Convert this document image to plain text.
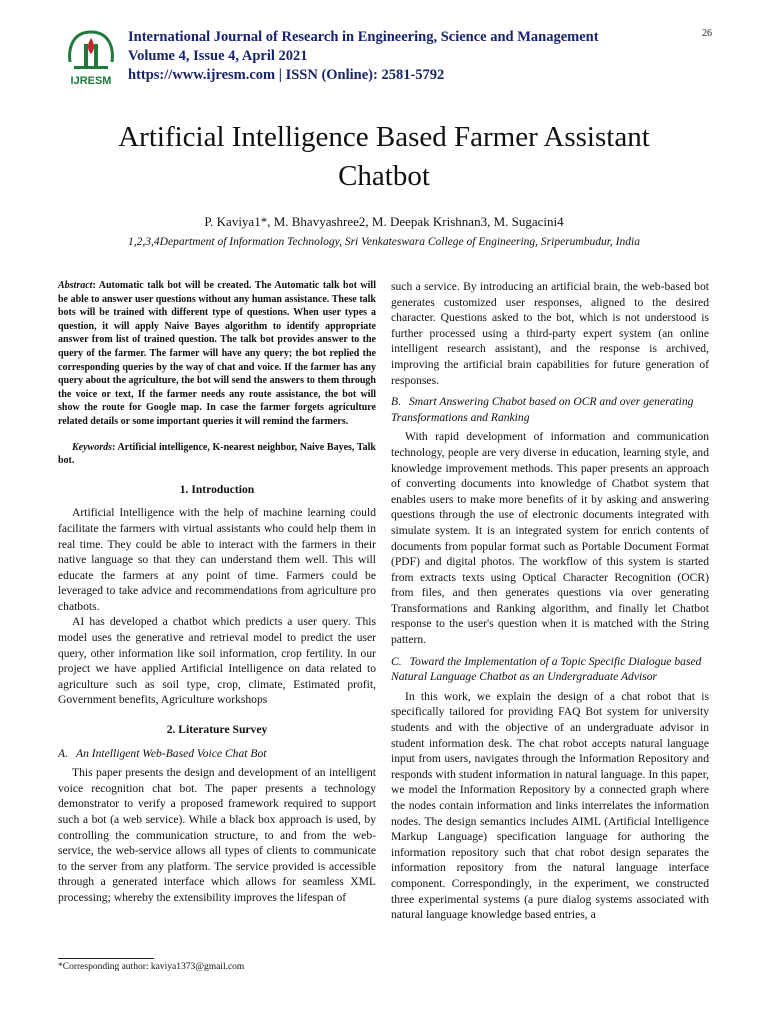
IJRESM
International Journal of Research in Engineering, Science and Management
Volume 4, Issue 4, April 2021
https://www.ijresm.com | ISSN (Online): 2581-5792
26
Artificial Intelligence Based Farmer Assistant
Chatbot
P. Kaviya1*, M. Bhavyashree2, M. Deepak Krishnan3, M. Sugacini4
1,2,3,4Department of Information Technology, Sri Venkateswara College of Engineering, Sriperumbudur, India
Abstract: Automatic talk bot will be created. The Automatic talk bot will be able to answer user questions without any human assistance. These talk bots will be trained with different type of questions. When user types a question, it will apply Naive Bayes algorithm to identify appropriate answer from list of trained question. The talk bot provides answer to the query of the farmer. The farmer will have any query; the bot replied the corresponding queries by the way of chat and voice. If the farmer has any query about the agriculture, the bot will send the answers to them through the voice or text, If the farmer needs any route assistance, the bot will show the route for Google map. In case the farmer forgets agriculture related details or some important queries it will remind the farmers.
Keywords: Artificial intelligence, K-nearest neighbor, Naive Bayes, Talk bot.
1. Introduction

Artificial Intelligence with the help of machine learning could facilitate the farmers with virtual assistants who could help them in real time. They could be able to interact with the farmers in their native language so that they can understand them well. This will educate the farmers at any point of time. Farmers could be leveraged to take advice and recommendations from agriculture pro chatbots.

AI has developed a chatbot which predicts a user query. This model uses the generative and retrieval model to predict the user query, other information like soil information, crop fertility. In our project we have applied Artificial Intelligence on data related to agriculture such as soil type, crop, climate, Estimated profit, Government benefits, Agriculture workshops

2. Literature Survey
A. An Intelligent Web-Based Voice Chat Bot

This paper presents the design and development of an intelligent voice recognition chat bot. The paper presents a technology demonstrator to verify a proposed framework required to support such a bot (a web service). While a black box approach is used, by controlling the communication structure, to and from the web-service, the web-service allows all types of clients to communicate to the server from any platform. The service provided is accessible through a generated interface which allows for seamless XML processing; whereby the extensibility improves the lifespan of

such a service. By introducing an artificial brain, the web-based bot generates customized user responses, aligned to the desired character. Questions asked to the bot, which is not understood is further processed using a third-party expert system (an online intelligent research assistant), and the response is archived, improving the artificial brain capabilities for future generation of responses.

B. Smart Answering Chabot based on OCR and over generating Transformations and Ranking

With rapid development of information and communication technology, people are very diverse in education, learning style, and knowledge improvement methods. This paper presents an approach of converting documents into knowledge of Chatbot system that enables users to make more benefits of it by asking and answering questions through the use of electronic documents integrated with simulate system. It is an integrated system for enrich contents of documents from popular format such as Portable Document Format (PDF) and digital photos. The workflow of this system is started from extracts texts using Optical Character Recognition (OCR) from files, and then generates questions via over generating Transformations and Ranking algorithm, and finally let Chatbot response to the user's question when it is matched with the String pattern.

C. Toward the Implementation of a Topic Specific Dialogue based Natural Language Chatbot as an Undergraduate Advisor

In this work, we explain the design of a chat robot that is specifically tailored for providing FAQ Bot system for university students and with the objective of an undergraduate advisor in student information desk. The chat robot accepts natural language input from users, navigates through the Information Repository and responds with student information in natural language. In this paper, we model the Information Repository by a connected graph where the nodes contain information and links interrelates the information nodes. The design semantics includes AIML (Artificial Intelligence Markup Language) specification language for authoring the information repository such that chat robot design separates the information repository from the natural language interface component. Correspondingly, in the experiment, we constructed three experimental systems (a pure dialog systems associated with natural language knowledge based entries, a

*Corresponding author: kaviya1373@gmail.com
